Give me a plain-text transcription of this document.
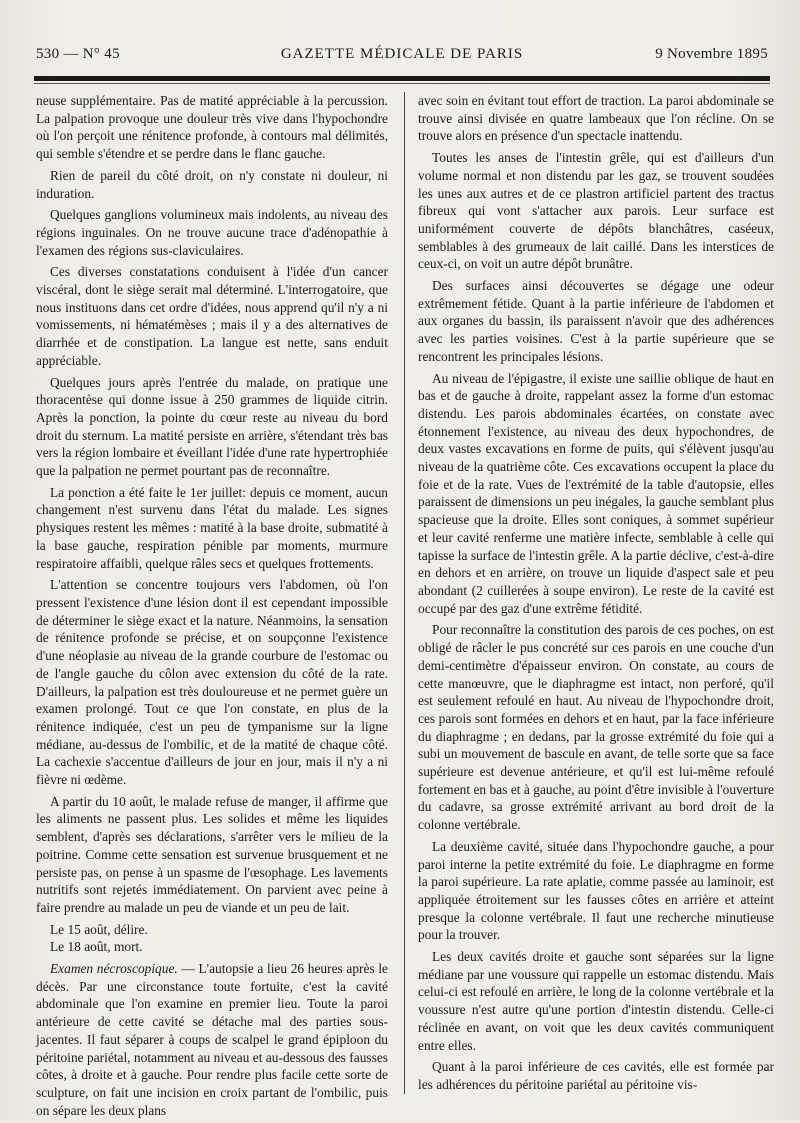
530 — N° 45	GAZETTE MÉDICALE DE PARIS	9 Novembre 1895

neuse supplémentaire. Pas de matité appréciable à la percussion. La palpation provoque une douleur très vive dans l'hypochondre où l'on perçoit une rénitence profonde, à contours mal délimités, qui semble s'étendre et se perdre dans le flanc gauche.

Rien de pareil du côté droit, on n'y constate ni douleur, ni induration.

Quelques ganglions volumineux mais indolents, au niveau des régions inguinales. On ne trouve aucune trace d'adénopathie à l'examen des régions sus-claviculaires.

Ces diverses constatations conduisent à l'idée d'un cancer viscéral, dont le siège serait mal déterminé. L'interrogatoire, que nous instituons dans cet ordre d'idées, nous apprend qu'il n'y a ni vomissements, ni hématémèses ; mais il y a des alternatives de diarrhée et de constipation. La langue est nette, sans enduit appréciable.

Quelques jours après l'entrée du malade, on pratique une thoracentèse qui donne issue à 250 grammes de liquide citrin. Après la ponction, la pointe du cœur reste au niveau du bord droit du sternum. La matité persiste en arrière, s'étendant très bas vers la région lombaire et éveillant l'idée d'une rate hypertrophiée que la palpation ne permet pourtant pas de reconnaître.

La ponction a été faite le 1er juillet: depuis ce moment, aucun changement n'est survenu dans l'état du malade. Les signes physiques restent les mêmes : matité à la base droite, submatité à la base gauche, respiration pénible par moments, murmure respiratoire affaibli, quelque râles secs et quelques frottements.

L'attention se concentre toujours vers l'abdomen, où l'on pressent l'existence d'une lésion dont il est cependant impossible de déterminer le siège exact et la nature. Néanmoins, la sensation de rénitence profonde se précise, et on soupçonne l'existence d'une néoplasie au niveau de la grande courbure de l'estomac ou de l'angle gauche du côlon avec extension du côté de la rate. D'ailleurs, la palpation est très douloureuse et ne permet guère un examen prolongé. Tout ce que l'on constate, en plus de la rénitence indiquée, c'est un peu de tympanisme sur la ligne médiane, au-dessus de l'ombilic, et de la matité de chaque côté. La cachexie s'accentue d'ailleurs de jour en jour, mais il n'y a ni fièvre ni œdème.

A partir du 10 août, le malade refuse de manger, il affirme que les aliments ne passent plus. Les solides et même les liquides semblent, d'après ses déclarations, s'arrêter vers le milieu de la poitrine. Comme cette sensation est survenue brusquement et ne persiste pas, on pense à un spasme de l'œsophage. Les lavements nutritifs sont rejetés immédiatement. On parvient avec peine à faire prendre au malade un peu de viande et un peu de lait.

Le 15 août, délire.

Le 18 août, mort.

Examen nécroscopique. — L'autopsie a lieu 26 heures après le décès. Par une circonstance toute fortuite, c'est la cavité abdominale que l'on examine en premier lieu. Toute la paroi antérieure de cette cavité se détache mal des parties sous-jacentes. Il faut séparer à coups de scalpel le grand épiploon du péritoine pariétal, notamment au niveau et au-dessous des fausses côtes, à droite et à gauche. Pour rendre plus facile cette sorte de sculpture, on fait une incision en croix partant de l'ombilic, puis on sépare les deux plans

avec soin en évitant tout effort de traction. La paroi abdominale se trouve ainsi divisée en quatre lambeaux que l'on récline. On se trouve alors en présence d'un spectacle inattendu.

Toutes les anses de l'intestin grêle, qui est d'ailleurs d'un volume normal et non distendu par les gaz, se trouvent soudées les unes aux autres et de ce plastron artificiel partent des tractus fibreux qui vont s'attacher aux parois. Leur surface est uniformément couverte de dépôts blanchâtres, caséeux, semblables à des grumeaux de lait caillé. Dans les interstices de ceux-ci, on voit un autre dépôt brunâtre.

Des surfaces ainsi découvertes se dégage une odeur extrêmement fétide. Quant à la partie inférieure de l'abdomen et aux organes du bassin, ils paraissent n'avoir que des adhérences avec les parties voisines. C'est à la partie supérieure que se rencontrent les principales lésions.

Au niveau de l'épigastre, il existe une saillie oblique de haut en bas et de gauche à droite, rappelant assez la forme d'un estomac distendu. Les parois abdominales écartées, on constate avec étonnement l'existence, au niveau des deux hypochondres, de deux vastes excavations en forme de puits, qui s'élèvent jusqu'au niveau de la quatrième côte. Ces excavations occupent la place du foie et de la rate. Vues de l'extrémité de la table d'autopsie, elles paraissent de dimensions un peu inégales, la gauche semblant plus spacieuse que la droite. Elles sont coniques, à sommet supérieur et leur cavité renferme une matière infecte, semblable à celle qui tapisse la surface de l'intestin grêle. A la partie déclive, c'est-à-dire en dehors et en arrière, on trouve un liquide d'aspect sale et peu abondant (2 cuillerées à soupe environ). Le reste de la cavité est occupé par des gaz d'une extrême fétidité.

Pour reconnaître la constitution des parois de ces poches, on est obligé de râcler le pus concrété sur ces parois en une couche d'un demi-centimètre d'épaisseur environ. On constate, au cours de cette manœuvre, que le diaphragme est intact, non perforé, qu'il est seulement refoulé en haut. Au niveau de l'hypochondre droit, ces parois sont formées en dehors et en haut, par la face inférieure du diaphragme ; en dedans, par la grosse extrémité du foie qui a subi un mouvement de bascule en avant, de telle sorte que sa face supérieure est devenue antérieure, et qu'il est lui-même refoulé fortement en bas et à gauche, au point d'être invisible à l'ouverture du cadavre, sa grosse extrémité arrivant au bord droit de la colonne vertébrale.

La deuxième cavité, située dans l'hypochondre gauche, a pour paroi interne la petite extrémité du foie. Le diaphragme en forme la paroi supérieure. La rate aplatie, comme passée au laminoir, est appliquée étroitement sur les fausses côtes en arrière et atteint presque la colonne vertébrale. Il faut une recherche minutieuse pour la trouver.

Les deux cavités droite et gauche sont séparées sur la ligne médiane par une voussure qui rappelle un estomac distendu. Mais celui-ci est refoulé en arrière, le long de la colonne vertébrale et la voussure n'est autre qu'une portion d'intestin distendu. Celle-ci réclinée en avant, on voit que les deux cavités communiquent entre elles.

Quant à la paroi inférieure de ces cavités, elle est formée par les adhérences du péritoine pariétal au péritoine vis-
